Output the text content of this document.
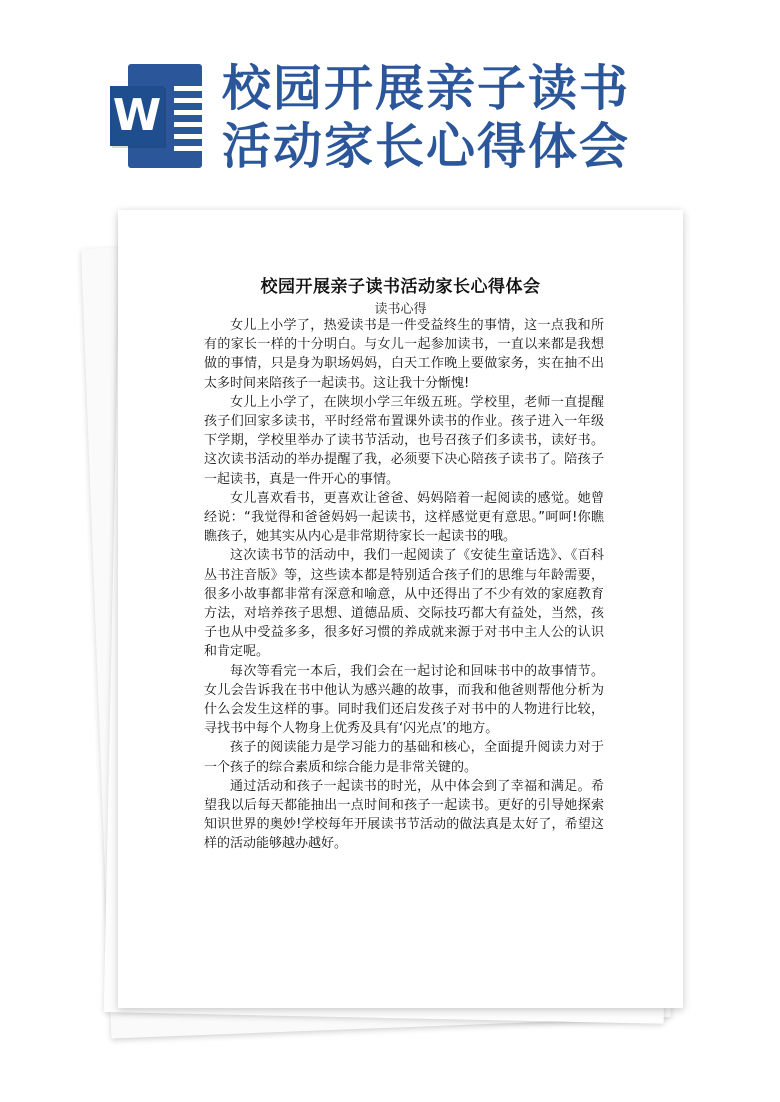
W 校园开展亲子读书
活动家长心得体会
校园开展亲子读书活动家长心得体会
读书心得

女儿上小学了，热爱读书是一件受益终生的事情，这一点我和所有的家长一样的十分明白。与女儿一起参加读书，一直以来都是我想做的事情，只是身为职场妈妈，白天工作晚上要做家务，实在抽不出太多时间来陪孩子一起读书。这让我十分惭愧!

女儿上小学了，在陕坝小学三年级五班。学校里，老师一直提醒孩子们回家多读书，平时经常布置课外读书的作业。孩子进入一年级下学期，学校里举办了读书节活动，也号召孩子们多读书，读好书。这次读书活动的举办提醒了我，必须要下决心陪孩子读书了。陪孩子一起读书，真是一件开心的事情。

女儿喜欢看书，更喜欢让爸爸、妈妈陪着一起阅读的感觉。她曾经说：“我觉得和爸爸妈妈一起读书，这样感觉更有意思。”呵呵!你瞧瞧孩子，她其实从内心是非常期待家长一起读书的哦。

这次读书节的活动中，我们一起阅读了《安徒生童话选》、《百科丛书注音版》等，这些读本都是特别适合孩子们的思维与年龄需要，很多小故事都非常有深意和喻意，从中还得出了不少有效的家庭教育方法，对培养孩子思想、道德品质、交际技巧都大有益处，当然，孩子也从中受益多多，很多好习惯的养成就来源于对书中主人公的认识和肯定呢。

每次等看完一本后，我们会在一起讨论和回味书中的故事情节。女儿会告诉我在书中他认为感兴趣的故事，而我和他爸则帮他分析为什么会发生这样的事。同时我们还启发孩子对书中的人物进行比较，寻找书中每个人物身上优秀及具有‘闪光点’的地方。

孩子的阅读能力是学习能力的基础和核心，全面提升阅读力对于一个孩子的综合素质和综合能力是非常关键的。

通过活动和孩子一起读书的时光，从中体会到了幸福和满足。希望我以后每天都能抽出一点时间和孩子一起读书。更好的引导她探索知识世界的奥妙!学校每年开展读书节活动的做法真是太好了，希望这样的活动能够越办越好。
